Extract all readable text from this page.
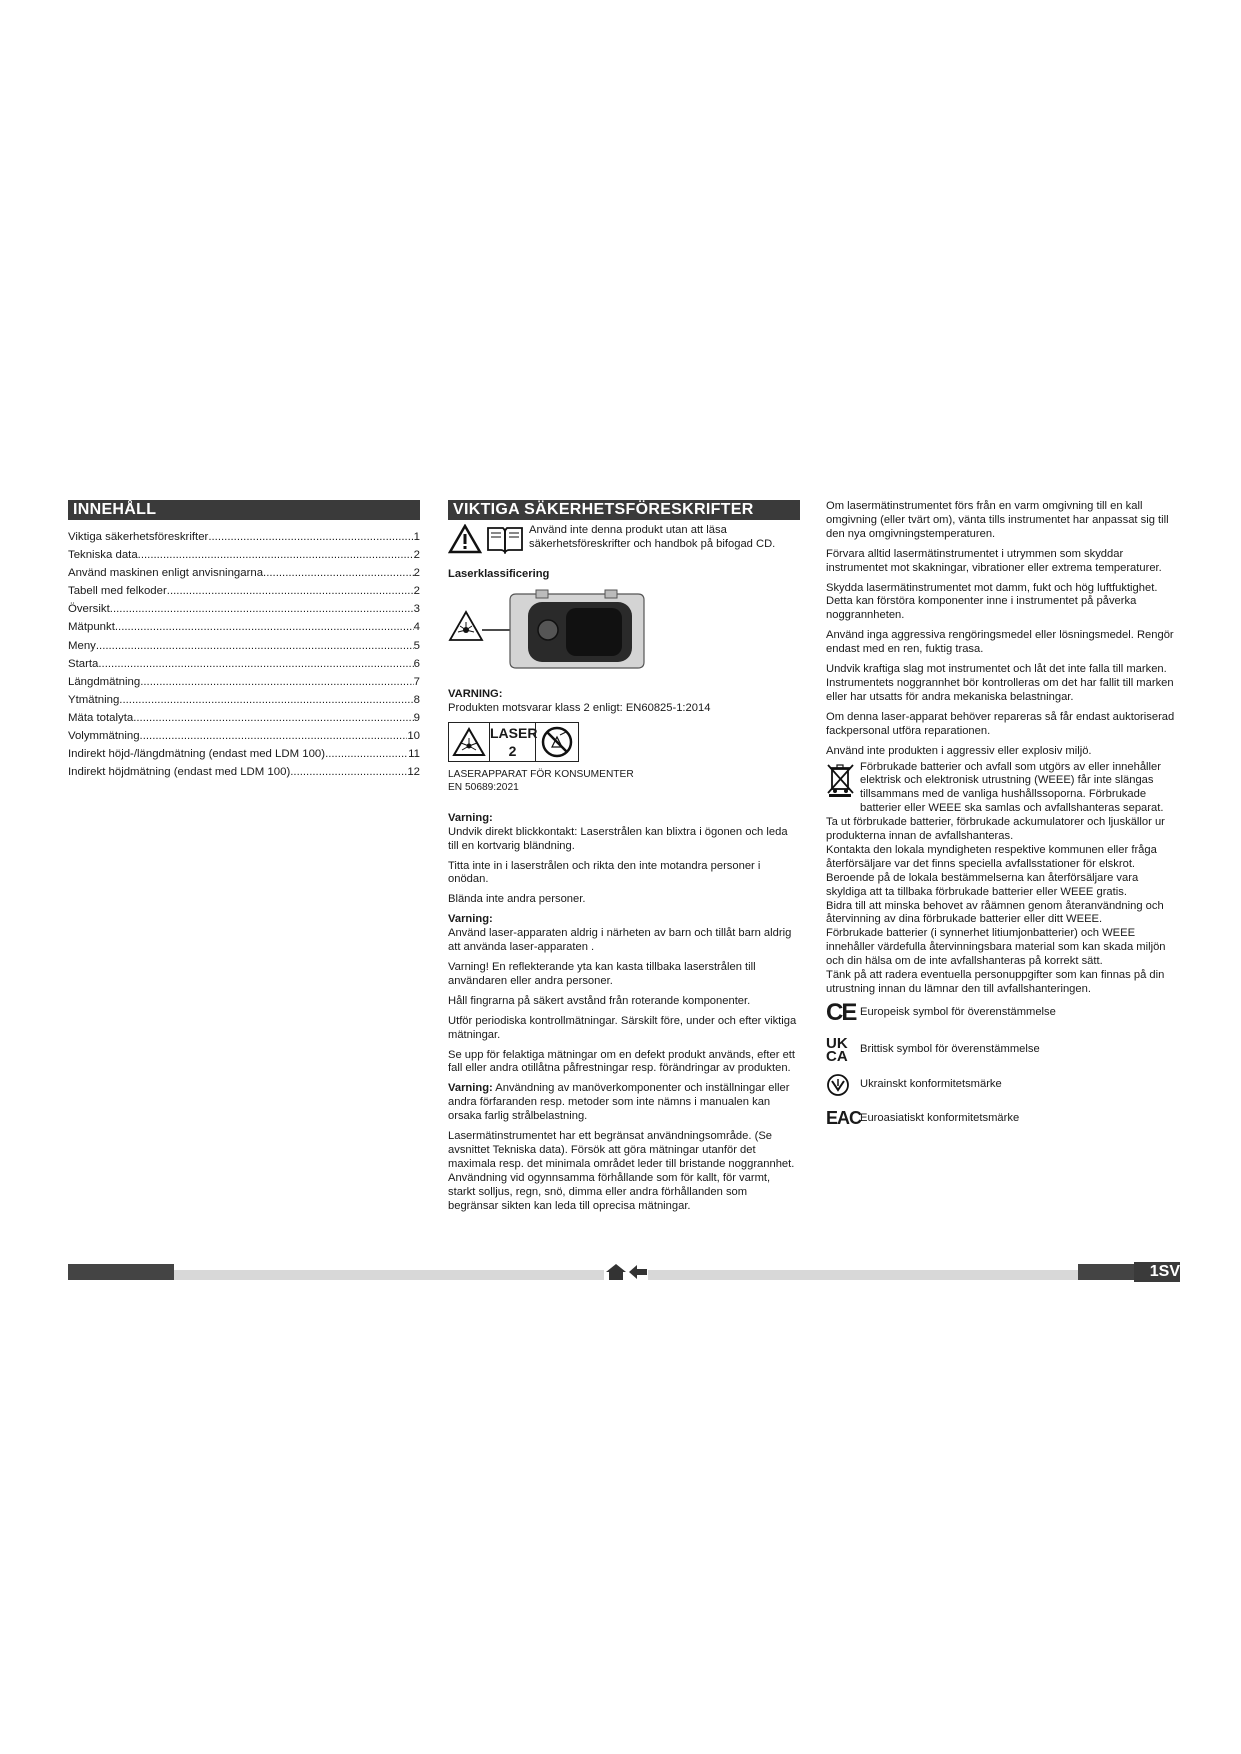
INNEHÅLL
Viktiga säkerhetsföreskrifter .....	1
Tekniska data .....	2
Använd maskinen enligt anvisningarna .....	2
Tabell med felkoder .....	2
Översikt .....	3
Mätpunkt .....	4
Meny .....	5
Starta .....	6
Längdmätning .....	7
Ytmätning .....	8
Mäta totalyta .....	9
Volymmätning .....	10
Indirekt höjd-/längdmätning (endast med LDM 100) .....	11
Indirekt höjdmätning (endast med LDM 100) .....	12
VIKTIGA SÄKERHETSFÖRESKRIFTER

Använd inte denna produkt utan att läsa säkerhetsföreskrifter och handbok på bifogad CD.

Laserklassificering

VARNING:

Produkten motsvarar klass 2 enligt: EN60825-1:2014

LASER
2

LASERAPPARAT FÖR KONSUMENTER

EN 50689:2021

Varning:

Undvik direkt blickkontakt: Laserstrålen kan blixtra i ögonen och leda till en kortvarig bländning.

Titta inte in i laserstrålen och rikta den inte motandra personer i onödan.

Blända inte andra personer.

Varning:

Använd laser-apparaten aldrig i närheten av barn och tillåt barn aldrig att använda laser-apparaten .

Varning! En reflekterande yta kan kasta tillbaka laserstrålen till användaren eller andra personer.

Håll fingrarna på säkert avstånd från roterande komponenter.

Utför periodiska kontrollmätningar. Särskilt före, under och efter viktiga mätningar.

Se upp för felaktiga mätningar om en defekt produkt används, efter ett fall eller andra otillåtna påfrestningar resp. förändringar av produkten.

Varning: Användning av manöverkomponenter och inställningar eller andra förfaranden resp. metoder som inte nämns i manualen kan orsaka farlig strålbelastning.

Lasermätinstrumentet har ett begränsat användningsområde. (Se avsnittet Tekniska data). Försök att göra mätningar utanför det maximala resp. det minimala området leder till bristande noggrannhet. Användning vid ogynnsamma förhållande som för kallt, för varmt, starkt solljus, regn, snö, dimma eller andra förhållanden som begränsar sikten kan leda till oprecisa mätningar.

Om lasermätinstrumentet förs från en varm omgivning till en kall omgivning (eller tvärt om), vänta tills instrumentet har anpassat sig till den nya omgivningstemperaturen.

Förvara alltid lasermätinstrumentet i utrymmen som skyddar instrumentet mot skakningar, vibrationer eller extrema temperaturer.

Skydda lasermätinstrumentet mot damm, fukt och hög luftfuktighet. Detta kan förstöra komponenter inne i instrumentet på påverka noggrannheten.

Använd inga aggressiva rengöringsmedel eller lösningsmedel. Rengör endast med en ren, fuktig trasa.

Undvik kraftiga slag mot instrumentet och låt det inte falla till marken. Instrumentets noggrannhet bör kontrolleras om det har fallit till marken eller har utsatts för andra mekaniska belastningar.

Om denna laser-apparat behöver repareras så får endast auktoriserad fackpersonal utföra reparationen.

Använd inte produkten i aggressiv eller explosiv miljö.

Förbrukade batterier och avfall som utgörs av eller innehåller elektrisk och elektronisk utrustning (WEEE) får inte slängas tillsammans med de vanliga hushållssoporna. Förbrukade batterier eller WEEE ska samlas och avfallshanteras separat.

Ta ut förbrukade batterier, förbrukade ackumulatorer och ljuskällor ur produkterna innan de avfallshanteras.

Kontakta den lokala myndigheten respektive kommunen eller fråga återförsäljare var det finns speciella avfallsstationer för elskrot.

Beroende på de lokala bestämmelserna kan återförsäljare vara skyldiga att ta tillbaka förbrukade batterier eller WEEE gratis.

Bidra till att minska behovet av råämnen genom återanvändning och återvinning av dina förbrukade batterier eller ditt WEEE.

Förbrukade batterier (i synnerhet litiumjonbatterier) och WEEE innehåller värdefulla återvinningsbara material som kan skada miljön och din hälsa om de inte avfallshanteras på korrekt sätt.

Tänk på att radera eventuella personuppgifter som kan finnas på din utrustning innan du lämnar den till avfallshanteringen.

CE Europeisk symbol för överenstämmelse

UK
CA Brittisk symbol för överenstämmelse

Ukrainskt konformitetsmärke

EAC

Euroasiatiskt konformitetsmärke

1SV
